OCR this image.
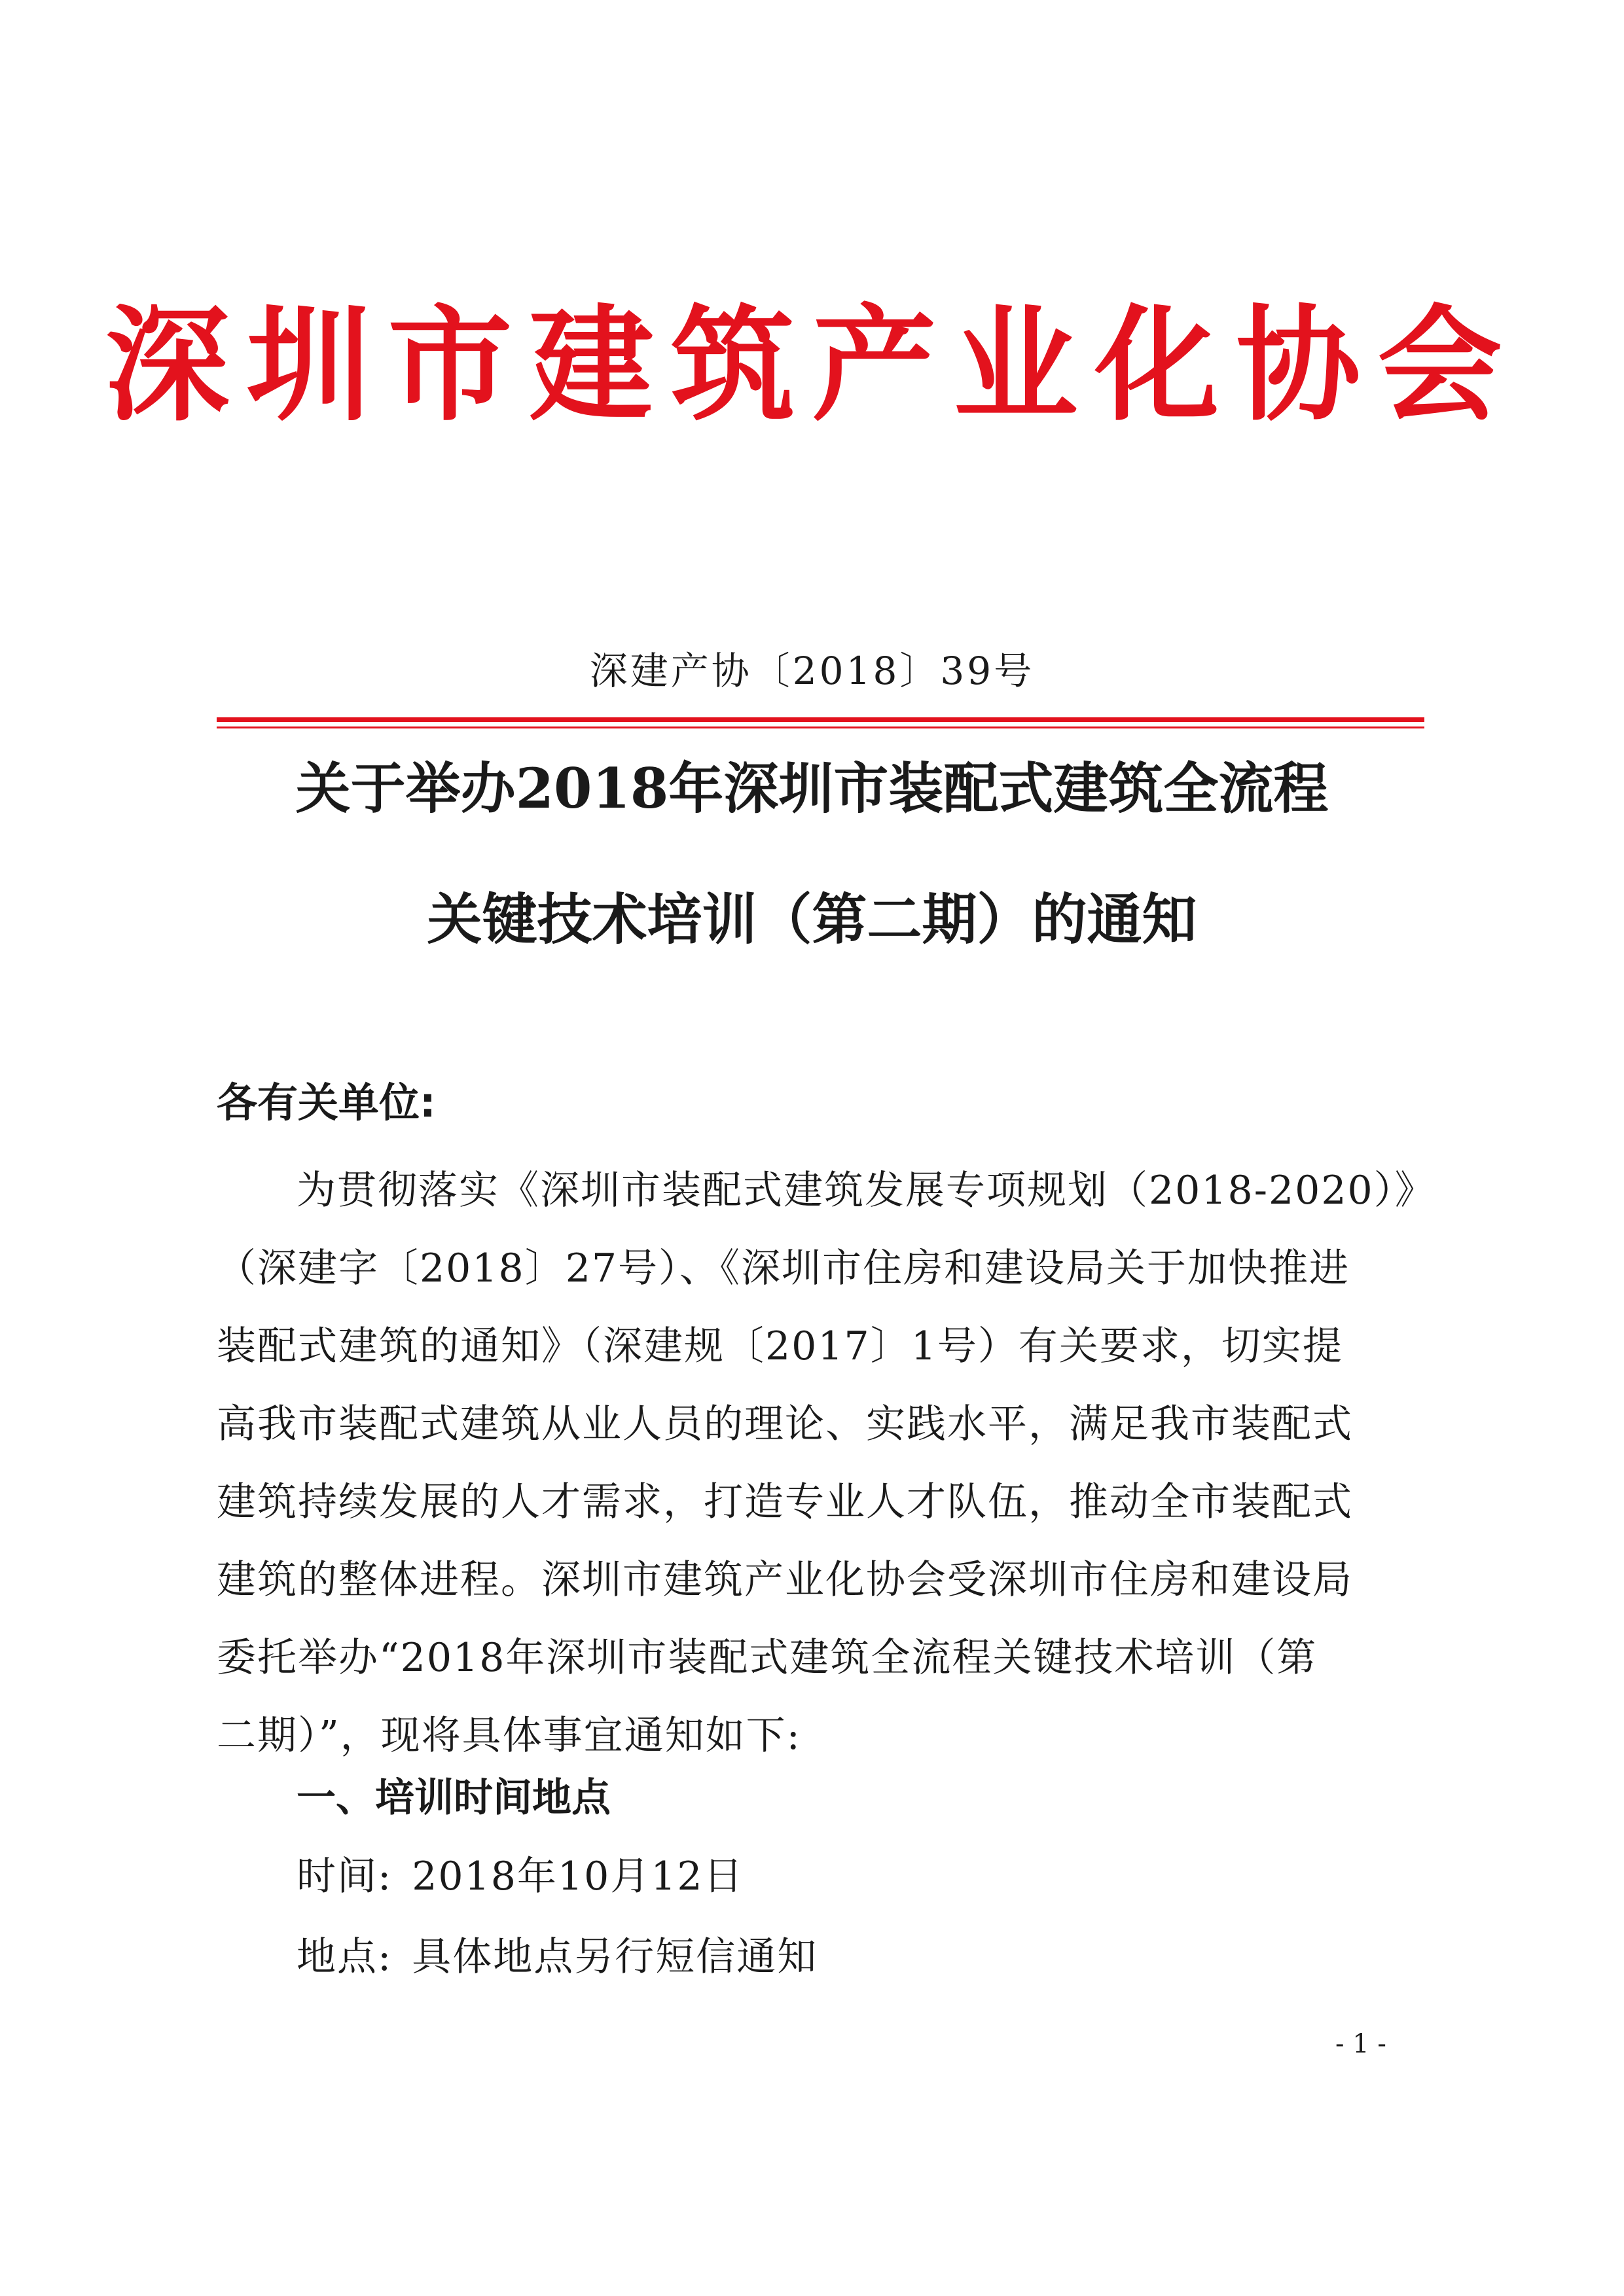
深圳市建筑产业化协会
深建产协〔2018〕39号
关于举办2018年深圳市装配式建筑全流程
关键技术培训（第二期）的通知
各有关单位:
为贯彻落实《深圳市装配式建筑发展专项规划（2018-2020）》
（深建字〔2018〕27号）、《深圳市住房和建设局关于加快推进
装配式建筑的通知》（深建规〔2017〕1号）有关要求，切实提
高我市装配式建筑从业人员的理论、实践水平，满足我市装配式
建筑持续发展的人才需求，打造专业人才队伍，推动全市装配式
建筑的整体进程。深圳市建筑产业化协会受深圳市住房和建设局
委托举办“2018年深圳市装配式建筑全流程关键技术培训（第
二期）”，现将具体事宜通知如下:
一、培训时间地点
时间: 2018年10月12日
地点: 具体地点另行短信通知
- 1 -
